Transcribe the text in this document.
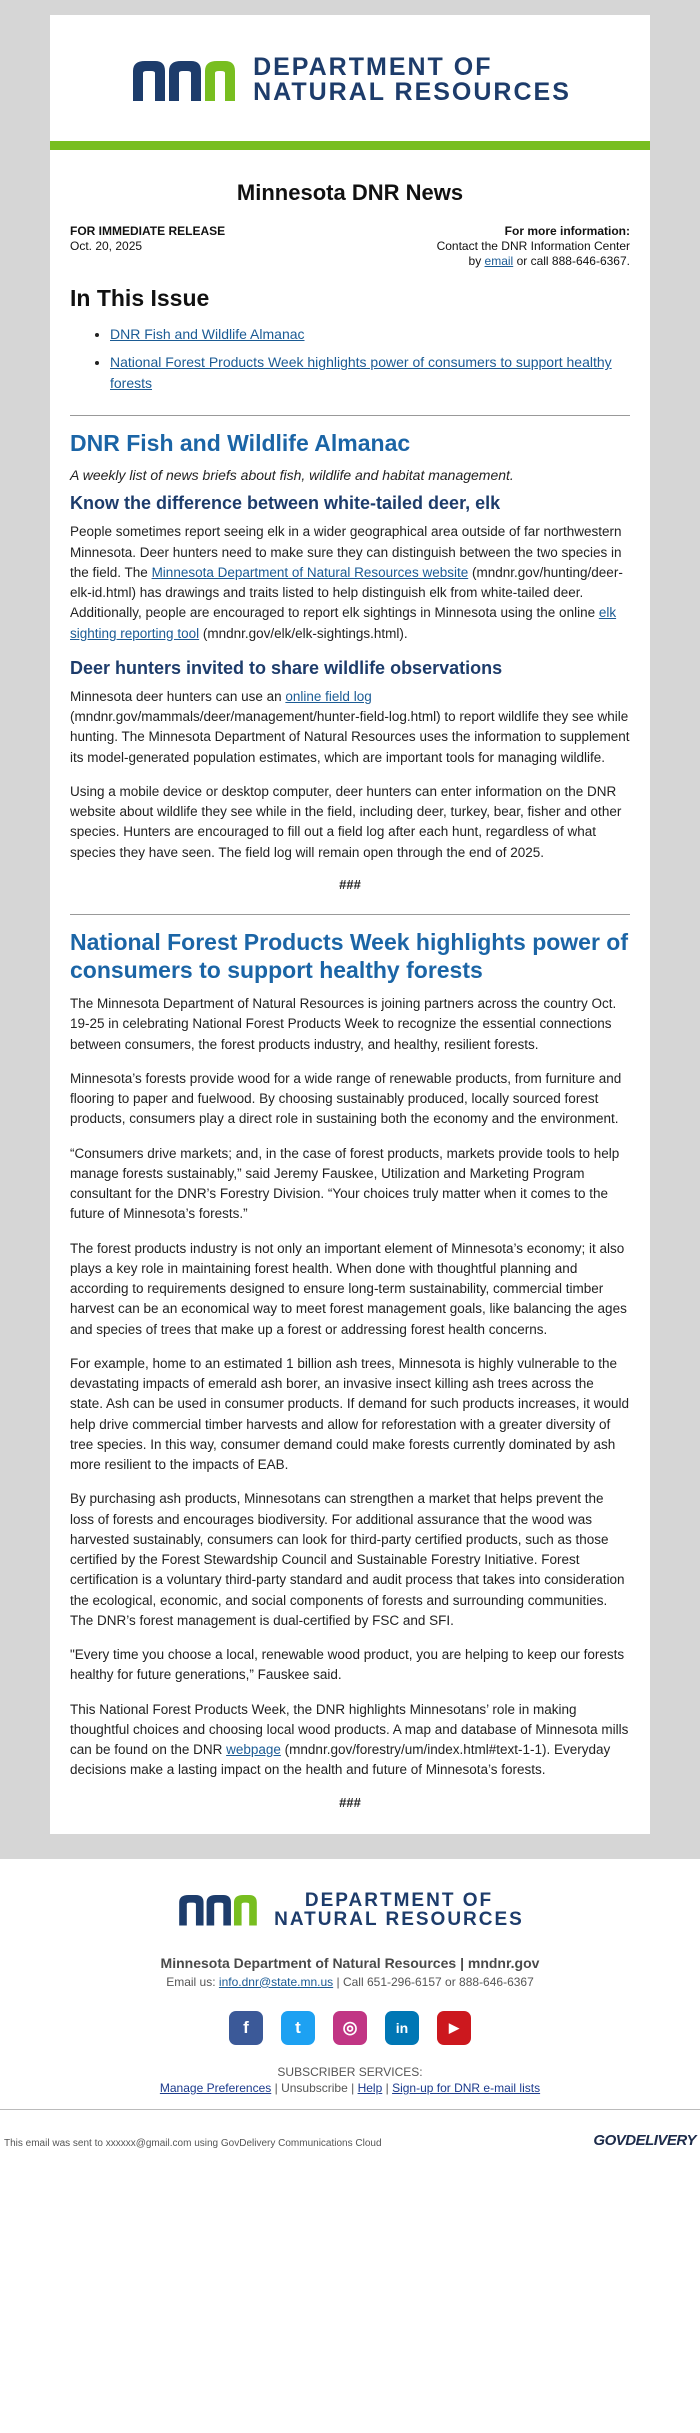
DEPARTMENT OF
NATURAL RESOURCES
Minnesota DNR News
FOR IMMEDIATE RELEASE
Oct. 20, 2025
For more information:
Contact the DNR Information Center
by email or call 888-646-6367.
In This Issue
• DNR Fish and Wildlife Almanac
• National Forest Products Week highlights power of consumers to support healthy forests
DNR Fish and Wildlife Almanac
A weekly list of news briefs about fish, wildlife and habitat management.
Know the difference between white-tailed deer, elk

People sometimes report seeing elk in a wider geographical area outside of far northwestern Minnesota. Deer hunters need to make sure they can distinguish between the two species in the field. The Minnesota Department of Natural Resources website (mndnr.gov/hunting/deer-elk-id.html) has drawings and traits listed to help distinguish elk from white-tailed deer. Additionally, people are encouraged to report elk sightings in Minnesota using the online elk sighting reporting tool (mndnr.gov/elk/elk-sightings.html).

Deer hunters invited to share wildlife observations

Minnesota deer hunters can use an online field log (mndnr.gov/mammals/deer/management/hunter-field-log.html) to report wildlife they see while hunting. The Minnesota Department of Natural Resources uses the information to supplement its model-generated population estimates, which are important tools for managing wildlife.

Using a mobile device or desktop computer, deer hunters can enter information on the DNR website about wildlife they see while in the field, including deer, turkey, bear, fisher and other species. Hunters are encouraged to fill out a field log after each hunt, regardless of what species they have seen. The field log will remain open through the end of 2025.

###
National Forest Products Week highlights power of consumers to support healthy forests

The Minnesota Department of Natural Resources is joining partners across the country Oct. 19-25 in celebrating National Forest Products Week to recognize the essential connections between consumers, the forest products industry, and healthy, resilient forests.

Minnesota’s forests provide wood for a wide range of renewable products, from furniture and flooring to paper and fuelwood. By choosing sustainably produced, locally sourced forest products, consumers play a direct role in sustaining both the economy and the environment.

“Consumers drive markets; and, in the case of forest products, markets provide tools to help manage forests sustainably,” said Jeremy Fauskee, Utilization and Marketing Program consultant for the DNR’s Forestry Division. “Your choices truly matter when it comes to the future of Minnesota’s forests.”

The forest products industry is not only an important element of Minnesota’s economy; it also plays a key role in maintaining forest health. When done with thoughtful planning and according to requirements designed to ensure long-term sustainability, commercial timber harvest can be an economical way to meet forest management goals, like balancing the ages and species of trees that make up a forest or addressing forest health concerns.

For example, home to an estimated 1 billion ash trees, Minnesota is highly vulnerable to the devastating impacts of emerald ash borer, an invasive insect killing ash trees across the state. Ash can be used in consumer products. If demand for such products increases, it would help drive commercial timber harvests and allow for reforestation with a greater diversity of tree species. In this way, consumer demand could make forests currently dominated by ash more resilient to the impacts of EAB.

By purchasing ash products, Minnesotans can strengthen a market that helps prevent the loss of forests and encourages biodiversity. For additional assurance that the wood was harvested sustainably, consumers can look for third-party certified products, such as those certified by the Forest Stewardship Council and Sustainable Forestry Initiative. Forest certification is a voluntary third-party standard and audit process that takes into consideration the ecological, economic, and social components of forests and surrounding communities. The DNR’s forest management is dual-certified by FSC and SFI.

"Every time you choose a local, renewable wood product, you are helping to keep our forests healthy for future generations,” Fauskee said.

This National Forest Products Week, the DNR highlights Minnesotans’ role in making thoughtful choices and choosing local wood products. A map and database of Minnesota mills can be found on the DNR webpage (mndnr.gov/forestry/um/index.html#text-1-1). Everyday decisions make a lasting impact on the health and future of Minnesota’s forests.

###
DEPARTMENT OF
NATURAL RESOURCES
Minnesota Department of Natural Resources | mndnr.gov
Email us: info.dnr@state.mn.us | Call 651-296-6157 or 888-646-6367
f	t	◎	in	▶
SUBSCRIBER SERVICES:
Manage Preferences | Unsubscribe | Help | Sign-up for DNR e-mail lists
This email was sent to xxxxxx@gmail.com using GovDelivery Communications Cloud	GOVDELIVERY
